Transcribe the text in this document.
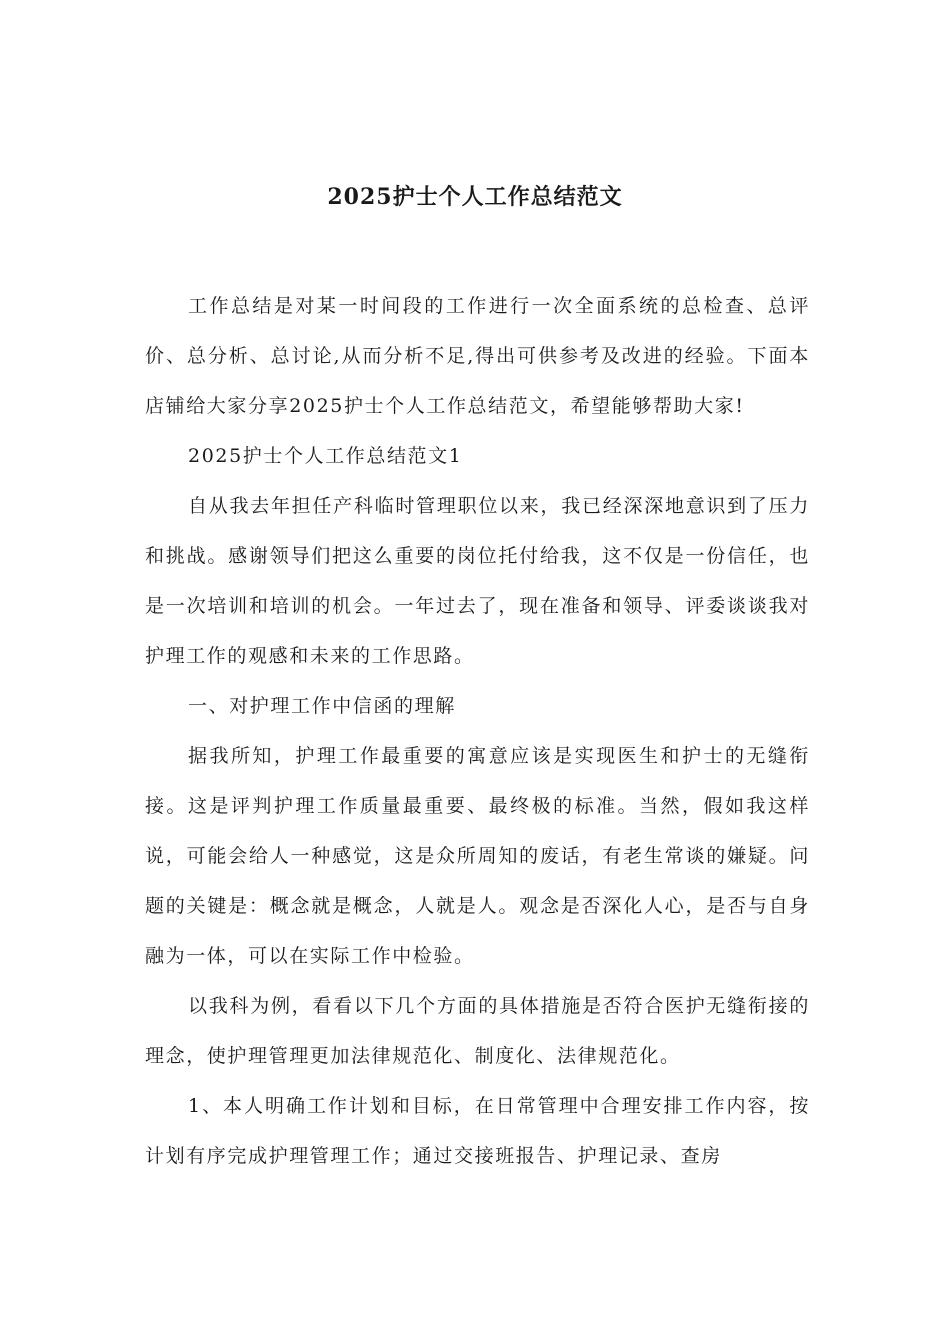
2025护士个人工作总结范文

工作总结是对某一时间段的工作进行一次全面系统的总检查、总评价、总分析、总讨论,从而分析不足,得出可供参考及改进的经验。下面本店铺给大家分享2025护士个人工作总结范文，希望能够帮助大家!

2025护士个人工作总结范文1

自从我去年担任产科临时管理职位以来，我已经深深地意识到了压力和挑战。感谢领导们把这么重要的岗位托付给我，这不仅是一份信任，也是一次培训和培训的机会。一年过去了，现在准备和领导、评委谈谈我对护理工作的观感和未来的工作思路。

一、对护理工作中信函的理解

据我所知，护理工作最重要的寓意应该是实现医生和护士的无缝衔接。这是评判护理工作质量最重要、最终极的标准。当然，假如我这样说，可能会给人一种感觉，这是众所周知的废话，有老生常谈的嫌疑。问题的关键是：概念就是概念，人就是人。观念是否深化人心，是否与自身融为一体，可以在实际工作中检验。

以我科为例，看看以下几个方面的具体措施是否符合医护无缝衔接的理念，使护理管理更加法律规范化、制度化、法律规范化。

1、本人明确工作计划和目标，在日常管理中合理安排工作内容，按计划有序完成护理管理工作；通过交接班报告、护理记录、查房
